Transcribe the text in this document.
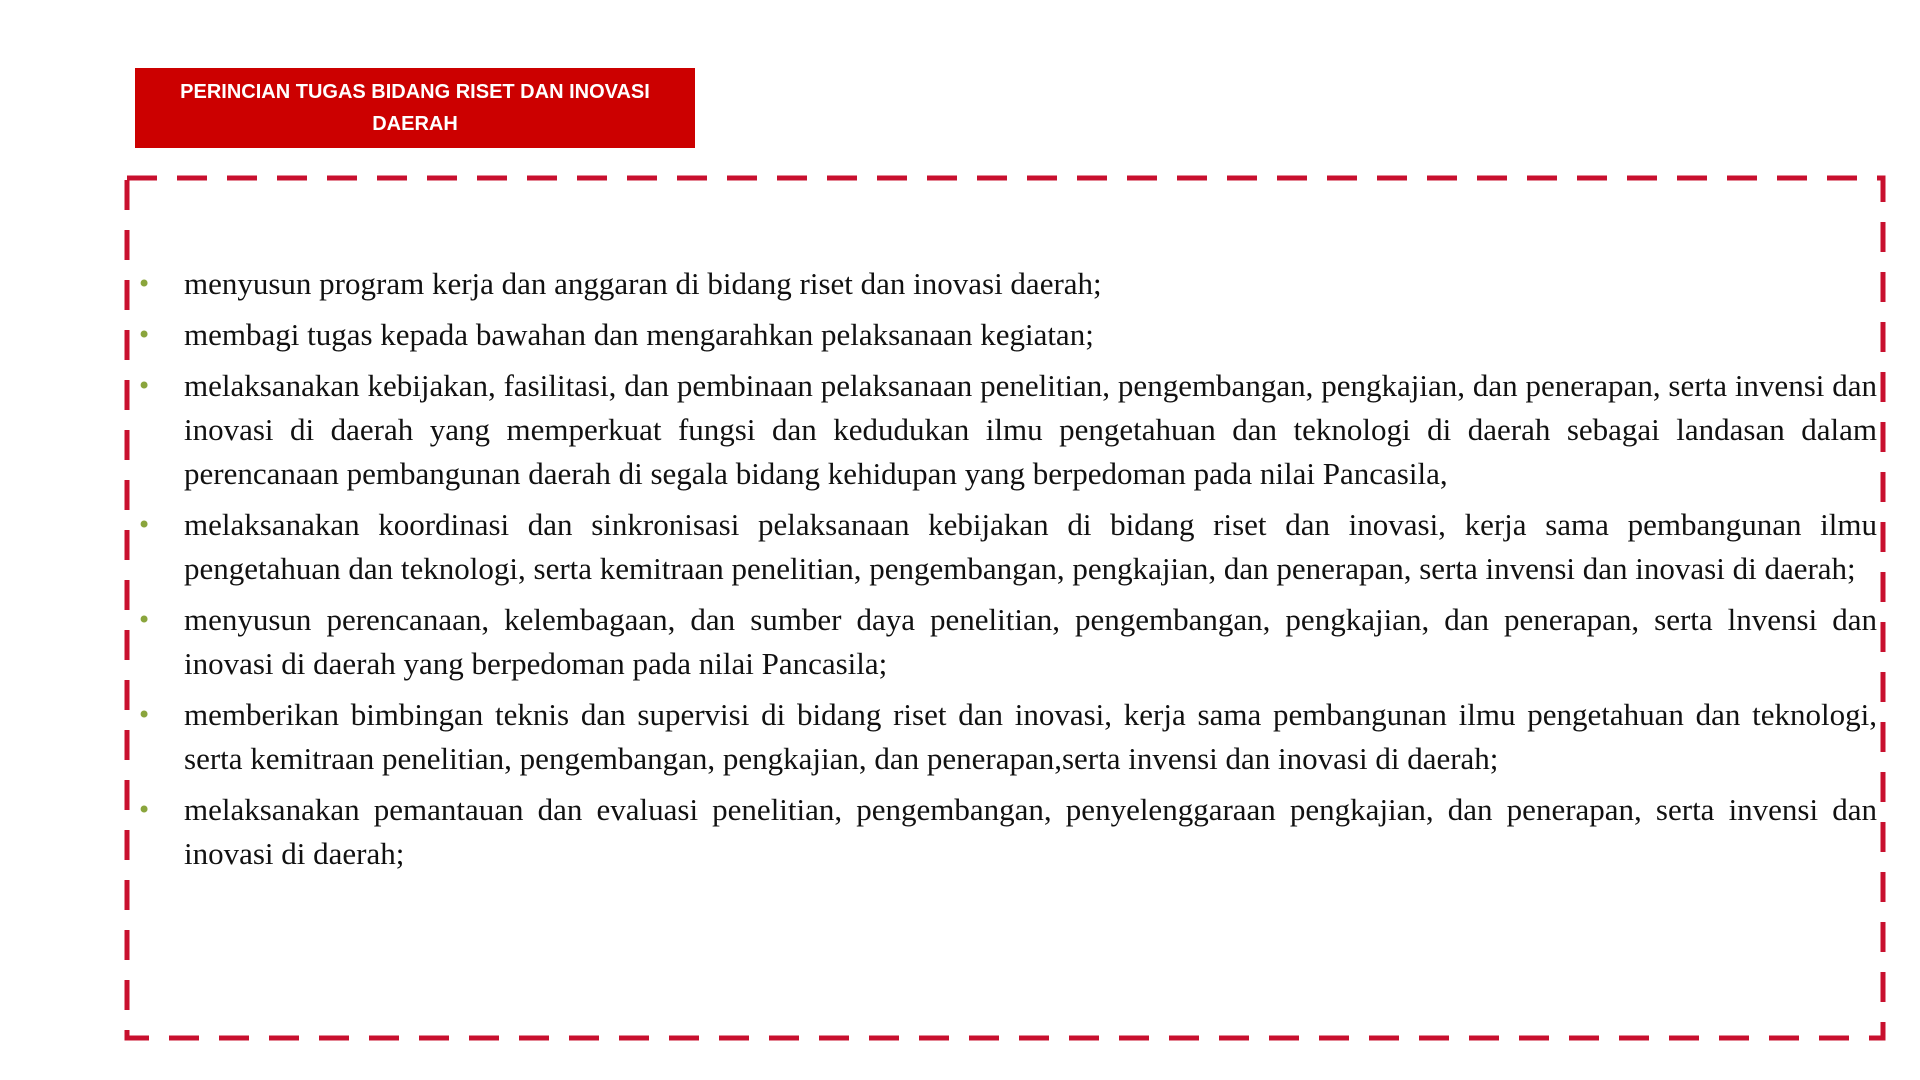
PERINCIAN TUGAS BIDANG RISET DAN INOVASI DAERAH
• menyusun program kerja dan anggaran di bidang riset dan inovasi daerah;
• membagi tugas kepada bawahan dan mengarahkan pelaksanaan kegiatan;
• melaksanakan kebijakan, fasilitasi, dan pembinaan pelaksanaan penelitian, pengembangan, pengkajian, dan penerapan, serta invensi dan inovasi di daerah yang memperkuat fungsi dan kedudukan ilmu pengetahuan dan teknologi di daerah sebagai landasan dalam perencanaan pembangunan daerah di segala bidang kehidupan yang berpedoman pada nilai Pancasila,
• melaksanakan koordinasi dan sinkronisasi pelaksanaan kebijakan di bidang riset dan inovasi, kerja sama pembangunan ilmu pengetahuan dan teknologi, serta kemitraan penelitian, pengembangan, pengkajian, dan penerapan, serta invensi dan inovasi di daerah;
• menyusun perencanaan, kelembagaan, dan sumber daya penelitian, pengembangan, pengkajian, dan penerapan, serta lnvensi dan inovasi di daerah yang berpedoman pada nilai Pancasila;
• memberikan bimbingan teknis dan supervisi di bidang riset dan inovasi, kerja sama pembangunan ilmu pengetahuan dan teknologi, serta kemitraan penelitian, pengembangan, pengkajian, dan penerapan,serta invensi dan inovasi di daerah;
• melaksanakan pemantauan dan evaluasi penelitian, pengembangan, penyelenggaraan pengkajian, dan penerapan, serta invensi dan inovasi di daerah;
